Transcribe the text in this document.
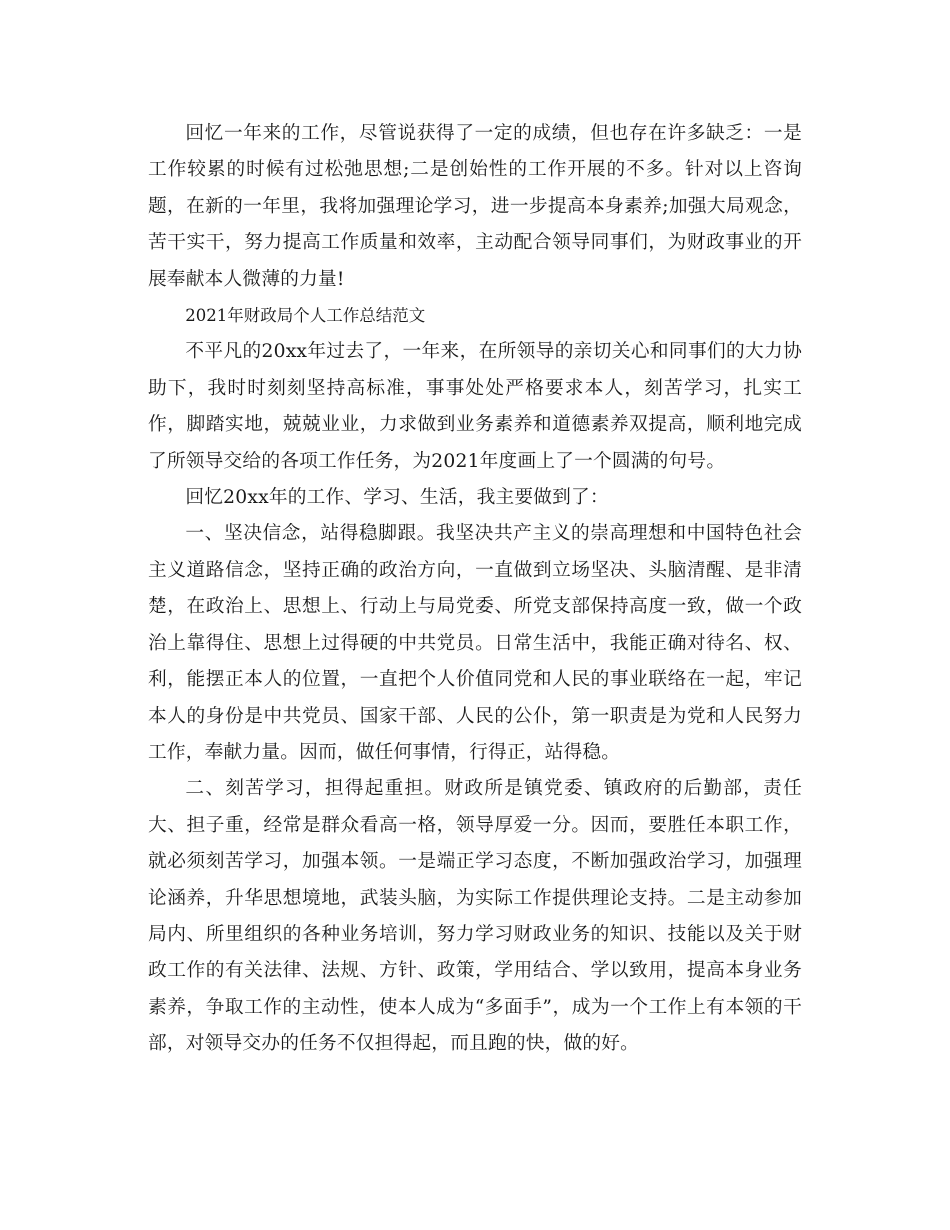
回忆一年来的工作，尽管说获得了一定的成绩，但也存在许多缺乏：一是工作较累的时候有过松弛思想;二是创始性的工作开展的不多。针对以上咨询题，在新的一年里，我将加强理论学习，进一步提高本身素养;加强大局观念，苦干实干，努力提高工作质量和效率，主动配合领导同事们，为财政事业的开展奉献本人微薄的力量!

2021年财政局个人工作总结范文

不平凡的20xx年过去了，一年来，在所领导的亲切关心和同事们的大力协助下，我时时刻刻坚持高标准，事事处处严格要求本人，刻苦学习，扎实工作，脚踏实地，兢兢业业，力求做到业务素养和道德素养双提高，顺利地完成了所领导交给的各项工作任务，为2021年度画上了一个圆满的句号。

回忆20xx年的工作、学习、生活，我主要做到了：

一、坚决信念，站得稳脚跟。我坚决共产主义的崇高理想和中国特色社会主义道路信念，坚持正确的政治方向，一直做到立场坚决、头脑清醒、是非清楚，在政治上、思想上、行动上与局党委、所党支部保持高度一致，做一个政治上靠得住、思想上过得硬的中共党员。日常生活中，我能正确对待名、权、利，能摆正本人的位置，一直把个人价值同党和人民的事业联络在一起，牢记本人的身份是中共党员、国家干部、人民的公仆，第一职责是为党和人民努力工作，奉献力量。因而，做任何事情，行得正，站得稳。

二、刻苦学习，担得起重担。财政所是镇党委、镇政府的后勤部，责任大、担子重，经常是群众看高一格，领导厚爱一分。因而，要胜任本职工作，就必须刻苦学习，加强本领。一是端正学习态度，不断加强政治学习，加强理论涵养，升华思想境地，武装头脑，为实际工作提供理论支持。二是主动参加局内、所里组织的各种业务培训，努力学习财政业务的知识、技能以及关于财政工作的有关法律、法规、方针、政策，学用结合、学以致用，提高本身业务素养，争取工作的主动性，使本人成为“多面手”，成为一个工作上有本领的干部，对领导交办的任务不仅担得起，而且跑的快，做的好。
